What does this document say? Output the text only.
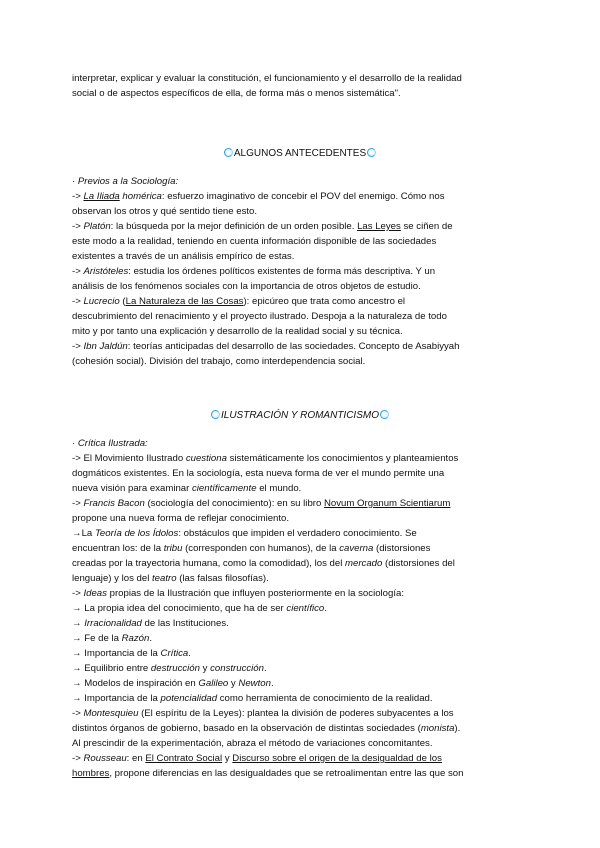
interpretar, explicar y evaluar la constitución, el funcionamiento y el desarrollo de la realidad

social o de aspectos específicos de ella, de forma más o menos sistemática".

ALGUNOS ANTECEDENTES

· Previos a la Sociología:

-> La Iliada homérica: esfuerzo imaginativo de concebir el POV del enemigo. Cómo nos

observan los otros y qué sentido tiene esto.

-> Platón: la búsqueda por la mejor definición de un orden posible. Las Leyes se ciñen de

este modo a la realidad, teniendo en cuenta información disponible de las sociedades

existentes a través de un análisis empírico de estas.

-> Aristóteles: estudia los órdenes políticos existentes de forma más descriptiva. Y un

análisis de los fenómenos sociales con la importancia de otros objetos de estudio.

-> Lucrecio (La Naturaleza de las Cosas): epicúreo que trata como ancestro el

descubrimiento del renacimiento y el proyecto ilustrado. Despoja a la naturaleza de todo

mito y por tanto una explicación y desarrollo de la realidad social y su técnica.

-> Ibn Jaldún: teorías anticipadas del desarrollo de las sociedades. Concepto de Asabiyyah

(cohesión social). División del trabajo, como interdependencia social.

ILUSTRACIÓN Y ROMANTICISMO

· Crítica Ilustrada:

-> El Movimiento Ilustrado cuestiona sistemáticamente los conocimientos y planteamientos

dogmáticos existentes. En la sociología, esta nueva forma de ver el mundo permite una

nueva visión para examinar científicamente el mundo.

-> Francis Bacon (sociología del conocimiento): en su libro Novum Organum Scientiarum

propone una nueva forma de reflejar conocimiento.

→La Teoría de los Ídolos: obstáculos que impiden el verdadero conocimiento. Se

encuentran los: de la tribu (corresponden con humanos), de la caverna (distorsiones

creadas por la trayectoria humana, como la comodidad), los del mercado (distorsiones del

lenguaje) y los del teatro (las falsas filosofías).

-> Ideas propias de la Ilustración que influyen posteriormente en la sociología:

→ La propia idea del conocimiento, que ha de ser científico.

→ Irracionalidad de las Instituciones.

→ Fe de la Razón.

→ Importancia de la Crítica.

→ Equilibrio entre destrucción y construcción.

→ Modelos de inspiración en Galileo y Newton.

→ Importancia de la potencialidad como herramienta de conocimiento de la realidad.

-> Montesquieu (El espíritu de la Leyes): plantea la división de poderes subyacentes a los

distintos órganos de gobierno, basado en la observación de distintas sociedades (monista).

Al prescindir de la experimentación, abraza el método de variaciones concomitantes.

-> Rousseau: en El Contrato Social y Discurso sobre el origen de la desigualdad de los

hombres, propone diferencias en las desigualdades que se retroalimentan entre las que son
